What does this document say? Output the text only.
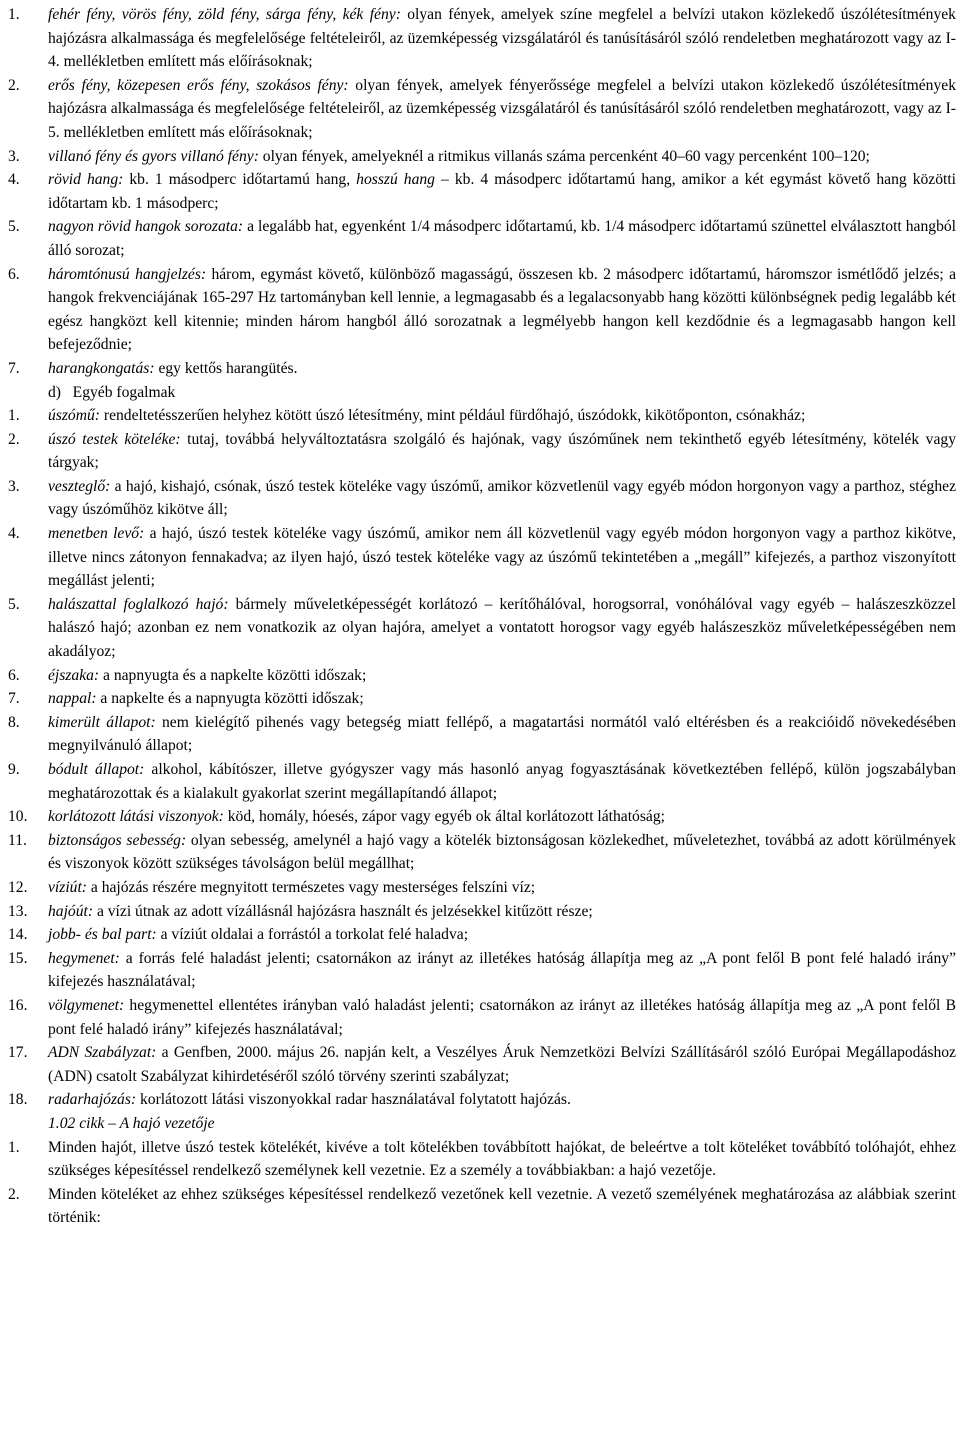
1.	fehér fény, vörös fény, zöld fény, sárga fény, kék fény: olyan fények, amelyek színe megfelel a belvízi utakon közlekedő úszólétesítmények hajózásra alkalmassága és megfelelősége feltételeiről, az üzemképesség vizsgálatáról és tanúsításáról szóló rendeletben meghatározott vagy az I-4. mellékletben említett más előírásoknak;
2.	erős fény, közepesen erős fény, szokásos fény: olyan fények, amelyek fényerőssége megfelel a belvízi utakon közlekedő úszólétesítmények hajózásra alkalmassága és megfelelősége feltételeiről, az üzemképesség vizsgálatáról és tanúsításáról szóló rendeletben meghatározott, vagy az I-5. mellékletben említett más előírásoknak;
3.	villanó fény és gyors villanó fény: olyan fények, amelyeknél a ritmikus villanás száma percenként 40–60 vagy percenként 100–120;
4.	rövid hang: kb. 1 másodperc időtartamú hang, hosszú hang – kb. 4 másodperc időtartamú hang, amikor a két egymást követő hang közötti időtartam kb. 1 másodperc;
5.	nagyon rövid hangok sorozata: a legalább hat, egyenként 1/4 másodperc időtartamú, kb. 1/4 másodperc időtartamú szünettel elválasztott hangból álló sorozat;
6.	háromtónusú hangjelzés: három, egymást követő, különböző magasságú, összesen kb. 2 másodperc időtartamú, háromszor ismétlődő jelzés; a hangok frekvenciájának 165-297 Hz tartományban kell lennie, a legmagasabb és a legalacsonyabb hang közötti különbségnek pedig legalább két egész hangközt kell kitennie; minden három hangból álló sorozatnak a legmélyebb hangon kell kezdődnie és a legmagasabb hangon kell befejeződnie;
7.	harangkongatás: egy kettős harangütés.
d)   Egyéb fogalmak
1.	úszómű: rendeltetésszerűen helyhez kötött úszó létesítmény, mint például fürdőhajó, úszódokk, kikötőponton, csónakház;
2.	úszó testek köteléke: tutaj, továbbá helyváltoztatásra szolgáló és hajónak, vagy úszóműnek nem tekinthető egyéb létesítmény, kötelék vagy tárgyak;
3.	veszteglő: a hajó, kishajó, csónak, úszó testek köteléke vagy úszómű, amikor közvetlenül vagy egyéb módon horgonyon vagy a parthoz, stéghez vagy úszóműhöz kikötve áll;
4.	menetben levő: a hajó, úszó testek köteléke vagy úszómű, amikor nem áll közvetlenül vagy egyéb módon horgonyon vagy a parthoz kikötve, illetve nincs zátonyon fennakadva; az ilyen hajó, úszó testek köteléke vagy az úszómű tekintetében a „megáll” kifejezés, a parthoz viszonyított megállást jelenti;
5.	halászattal foglalkozó hajó: bármely műveletképességét korlátozó – kerítőhálóval, horogsorral, vonóhálóval vagy egyéb – halászeszközzel halászó hajó; azonban ez nem vonatkozik az olyan hajóra, amelyet a vontatott horogsor vagy egyéb halászeszköz műveletképességében nem akadályoz;
6.	éjszaka: a napnyugta és a napkelte közötti időszak;
7.	nappal: a napkelte és a napnyugta közötti időszak;
8.	kimerült állapot: nem kielégítő pihenés vagy betegség miatt fellépő, a magatartási normától való eltérésben és a reakcióidő növekedésében megnyilvánuló állapot;
9.	bódult állapot: alkohol, kábítószer, illetve gyógyszer vagy más hasonló anyag fogyasztásának következtében fellépő, külön jogszabályban meghatározottak és a kialakult gyakorlat szerint megállapítandó állapot;
10.	korlátozott látási viszonyok: köd, homály, hóesés, zápor vagy egyéb ok által korlátozott láthatóság;
11.	biztonságos sebesség: olyan sebesség, amelynél a hajó vagy a kötelék biztonságosan közlekedhet, műveletezhet, továbbá az adott körülmények és viszonyok között szükséges távolságon belül megállhat;
12.	víziút: a hajózás részére megnyitott természetes vagy mesterséges felszíni víz;
13.	hajóút: a vízi útnak az adott vízállásnál hajózásra használt és jelzésekkel kitűzött része;
14.	jobb- és bal part: a víziút oldalai a forrástól a torkolat felé haladva;
15.	hegymenet: a forrás felé haladást jelenti; csatornákon az irányt az illetékes hatóság állapítja meg az „A pont felől B pont felé haladó irány” kifejezés használatával;
16.	völgymenet: hegymenettel ellentétes irányban való haladást jelenti; csatornákon az irányt az illetékes hatóság állapítja meg az „A pont felől B pont felé haladó irány” kifejezés használatával;
17.	ADN Szabályzat: a Genfben, 2000. május 26. napján kelt, a Veszélyes Áruk Nemzetközi Belvízi Szállításáról szóló Európai Megállapodáshoz (ADN) csatolt Szabályzat kihirdetéséről szóló törvény szerinti szabályzat;
18.	radarhajózás: korlátozott látási viszonyokkal radar használatával folytatott hajózás.
1.02 cikk – A hajó vezetője
1.	Minden hajót, illetve úszó testek kötelékét, kivéve a tolt kötelékben továbbított hajókat, de beleértve a tolt köteléket továbbító tolóhajót, ehhez szükséges képesítéssel rendelkező személynek kell vezetnie. Ez a személy a továbbiakban: a hajó vezetője.
2.	Minden köteléket az ehhez szükséges képesítéssel rendelkező vezetőnek kell vezetnie. A vezető személyének meghatározása az alábbiak szerint történik:
